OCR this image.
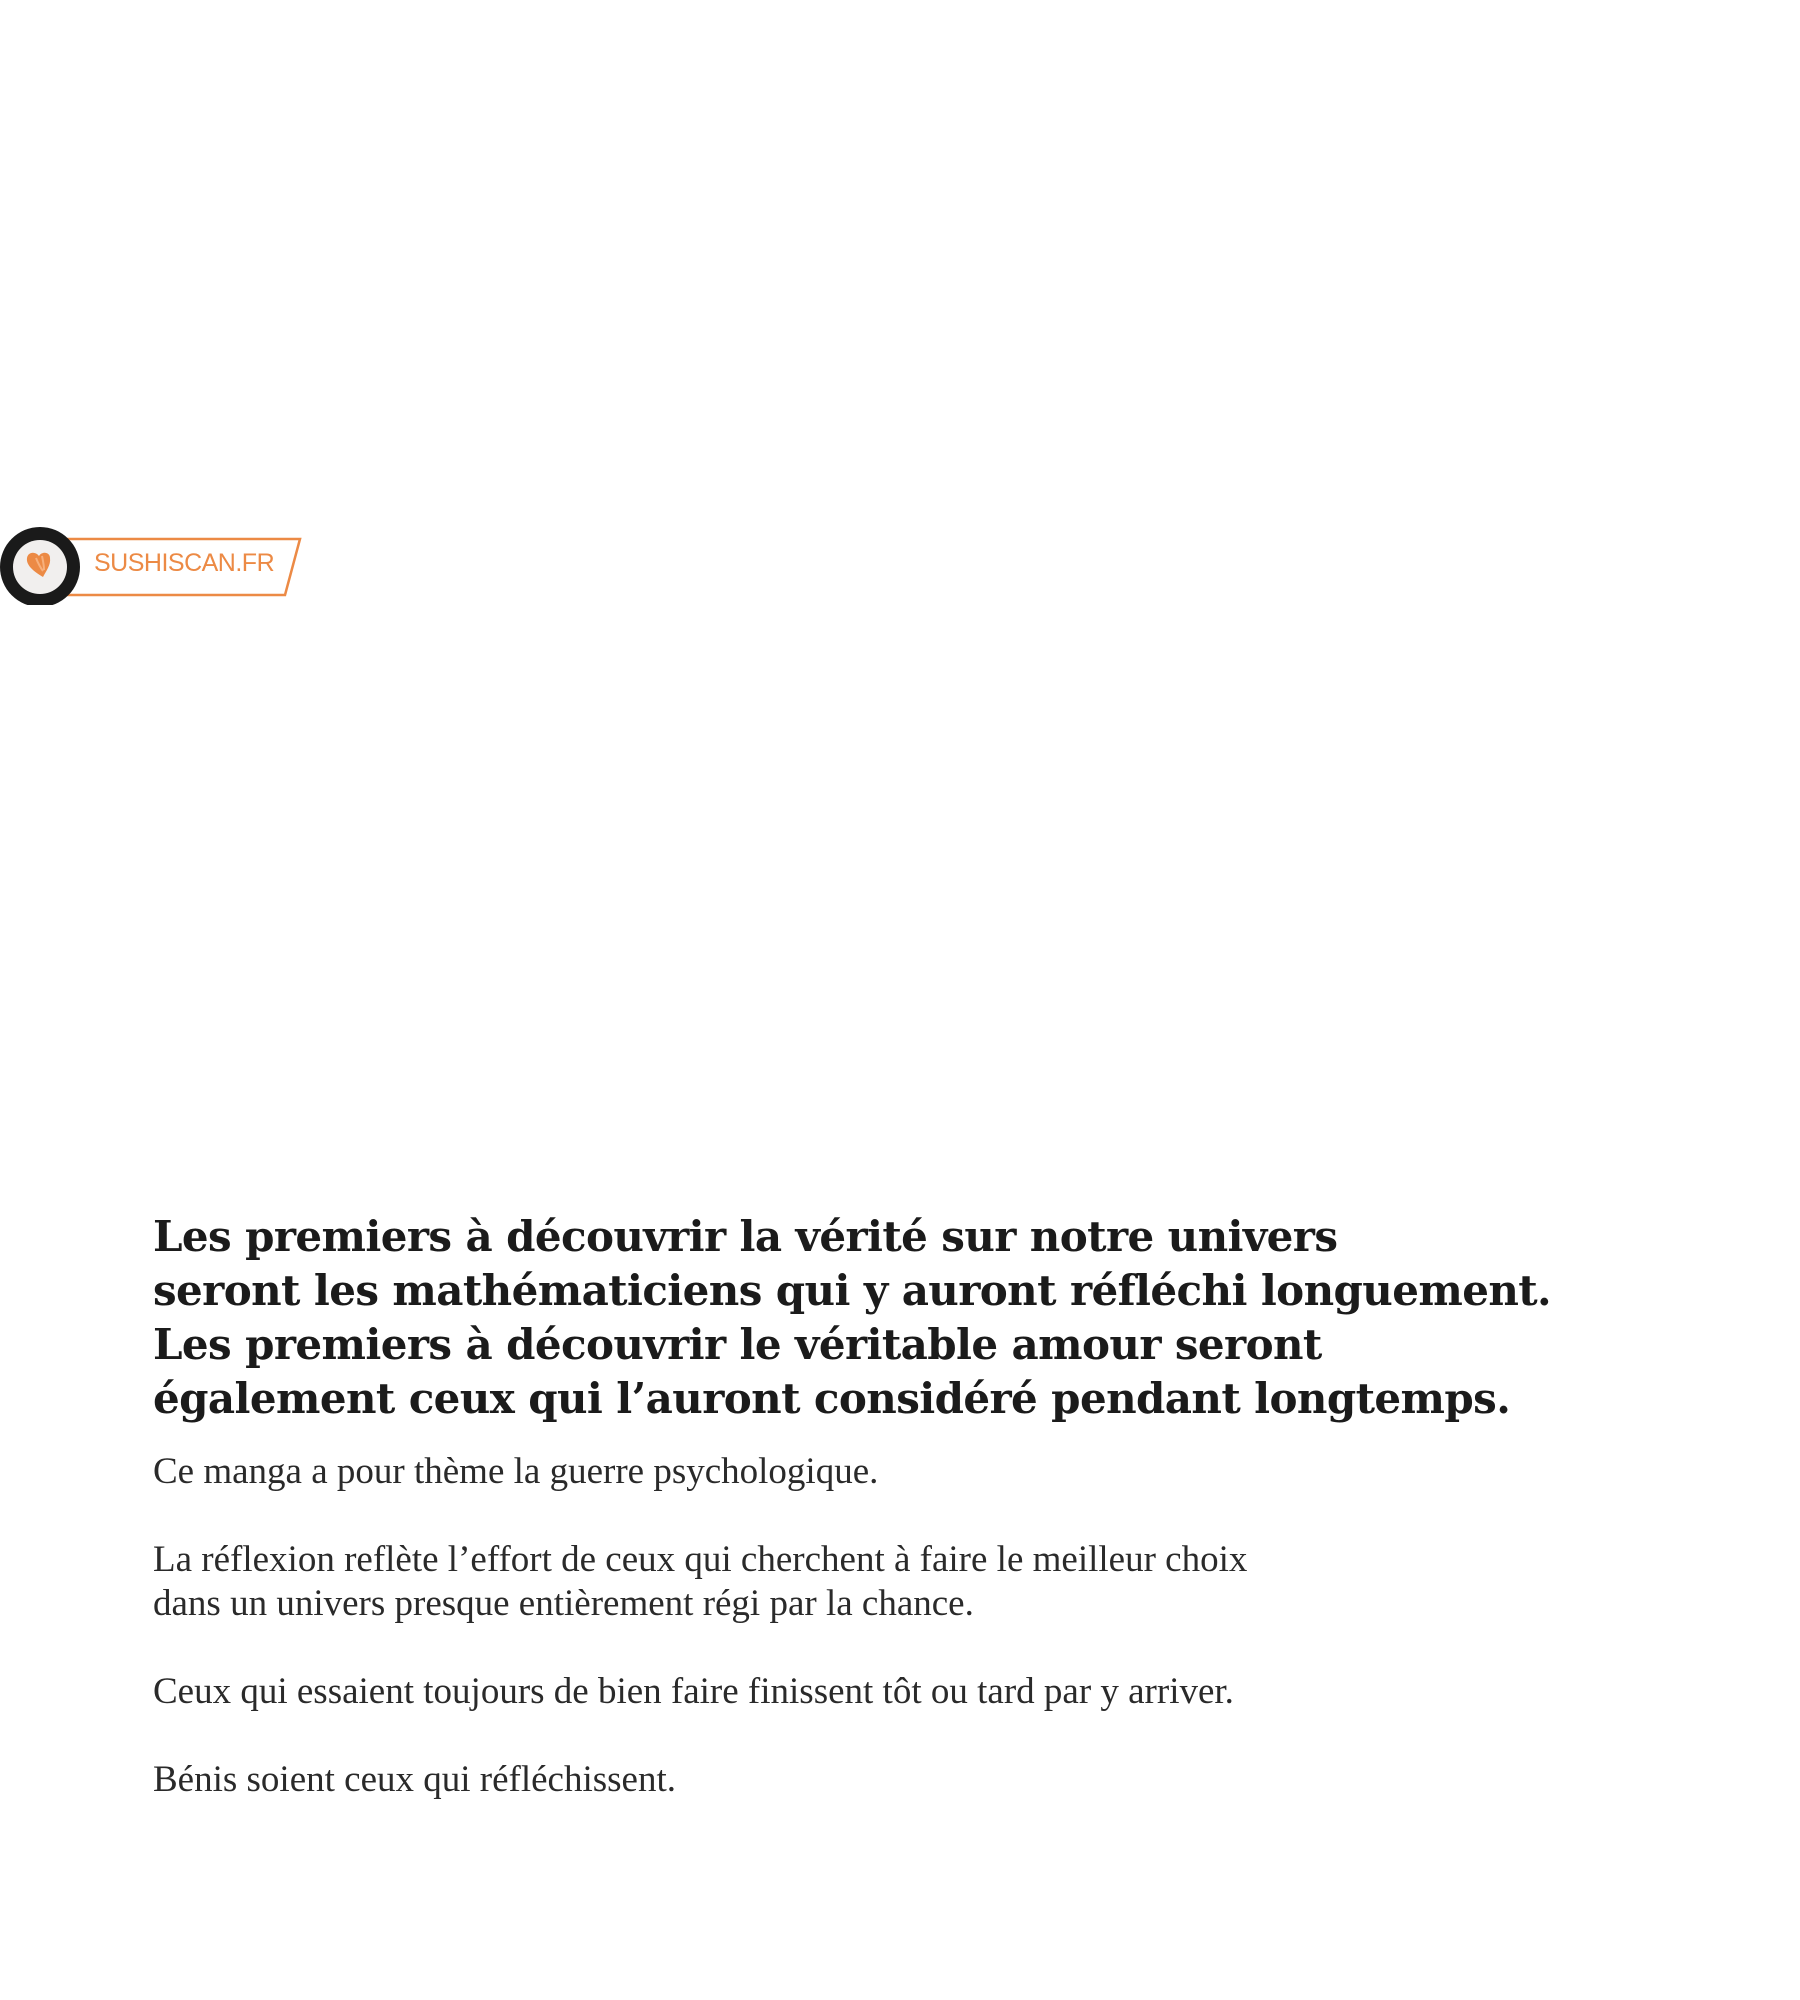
SUSHISCAN.FR
Les premiers à découvrir la vérité sur notre univers
seront les mathématiciens qui y auront réfléchi longuement.
Les premiers à découvrir le véritable amour seront
également ceux qui l’auront considéré pendant longtemps.

Ce manga a pour thème la guerre psychologique.

La réflexion reflète l’effort de ceux qui cherchent à faire le meilleur choix
dans un univers presque entièrement régi par la chance.

Ceux qui essaient toujours de bien faire finissent tôt ou tard par y arriver.

Bénis soient ceux qui réfléchissent.
